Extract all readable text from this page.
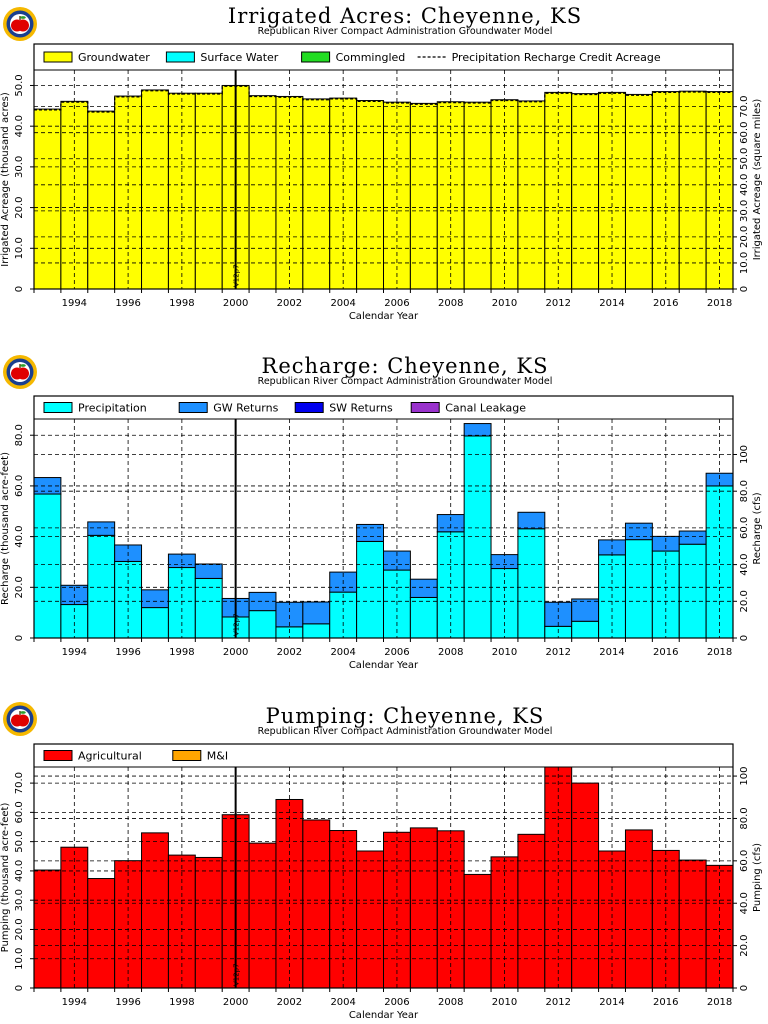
Irrigated Acres: Cheyenne, KS
Republican River Compact Administration Groundwater Model
V12p7
Groundwater	Surface Water	Commingled	Precipitation Recharge Credit Acreage
0
10.0
20.0
30.0
40.0
50.0
0
10.0
20.0
30.0
40.0
50.0
60.0
70.0
1994	1996	1998	2000	2002	2004	2006	2008	2010	2012	2014	2016	2018
Calendar Year
Irrigated Acreage (thousand acres)	Irrigated Acreage (square miles)
Recharge: Cheyenne, KS
Republican River Compact Administration Groundwater Model
V12p7
Precipitation	GW Returns	SW Returns	Canal Leakage
0
20.0
40.0
60.0
80.0
0
20.0
40.0
60.0
80.0
100
1994	1996	1998	2000	2002	2004	2006	2008	2010	2012	2014	2016	2018
Calendar Year
Recharge (thousand acre-feet)	Recharge (cfs)
Pumping: Cheyenne, KS
Republican River Compact Administration Groundwater Model
V12p7
Agricultural	M&I
0
10.0
20.0
30.0
40.0
50.0
60.0
70.0
0
20.0
40.0
60.0
80.0
100
1994	1996	1998	2000	2002	2004	2006	2008	2010	2012	2014	2016	2018
Calendar Year
Pumping (thousand acre-feet)	Pumping (cfs)
